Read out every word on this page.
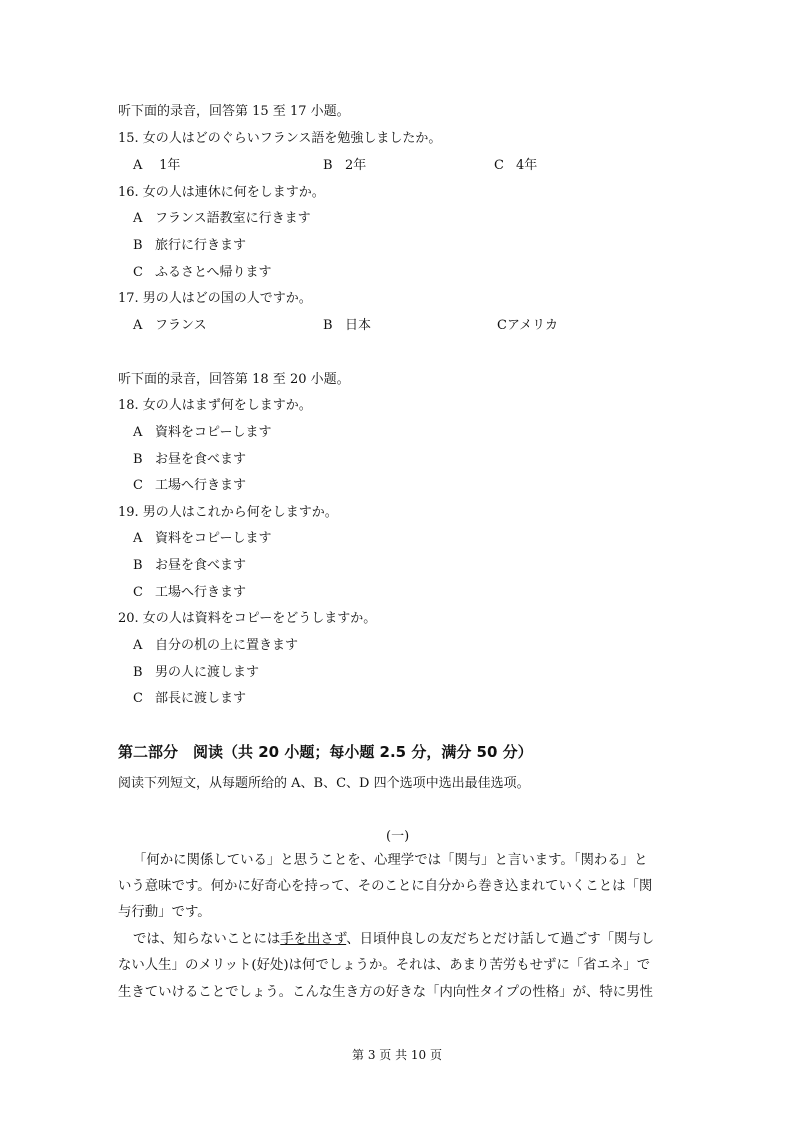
听下面的录音，回答第 15 至 17 小题。
15. 女の人はどのぐらいフランス語を勉強しましたか。
A 1年	B 2年	C 4年
16. 女の人は連休に何をしますか。
A フランス語教室に行きます
B 旅行に行きます
C ふるさとへ帰ります
17. 男の人はどの国の人ですか。
A フランス	B 日本	Cアメリカ
听下面的录音，回答第 18 至 20 小题。
18. 女の人はまず何をしますか。
A 資料をコピーします
B お昼を食べます
C 工場へ行きます
19. 男の人はこれから何をしますか。
A 資料をコピーします
B お昼を食べます
C 工場へ行きます
20. 女の人は資料をコピーをどうしますか。
A 自分の机の上に置きます
B 男の人に渡します
C 部長に渡します
第二部分　阅读（共 20 小题；每小题 2.5 分，满分 50 分）
阅读下列短文，从每题所给的 A、B、C、D 四个选项中选出最佳选项。
(一)
「何かに関係している」と思うことを、心理学では「関与」と言います。「関わる」と
いう意味です。何かに好奇心を持って、そのことに自分から巻き込まれていくことは「関
与行動」です。
では、知らないことには手を出さず、日頃仲良しの友だちとだけ話して過ごす「関与し
ない人生」のメリット(好处)は何でしょうか。それは、あまり苦労もせずに「省エネ」で
生きていけることでしょう。こんな生き方の好きな「内向性タイプの性格」が、特に男性
第 3 页 共 10 页
